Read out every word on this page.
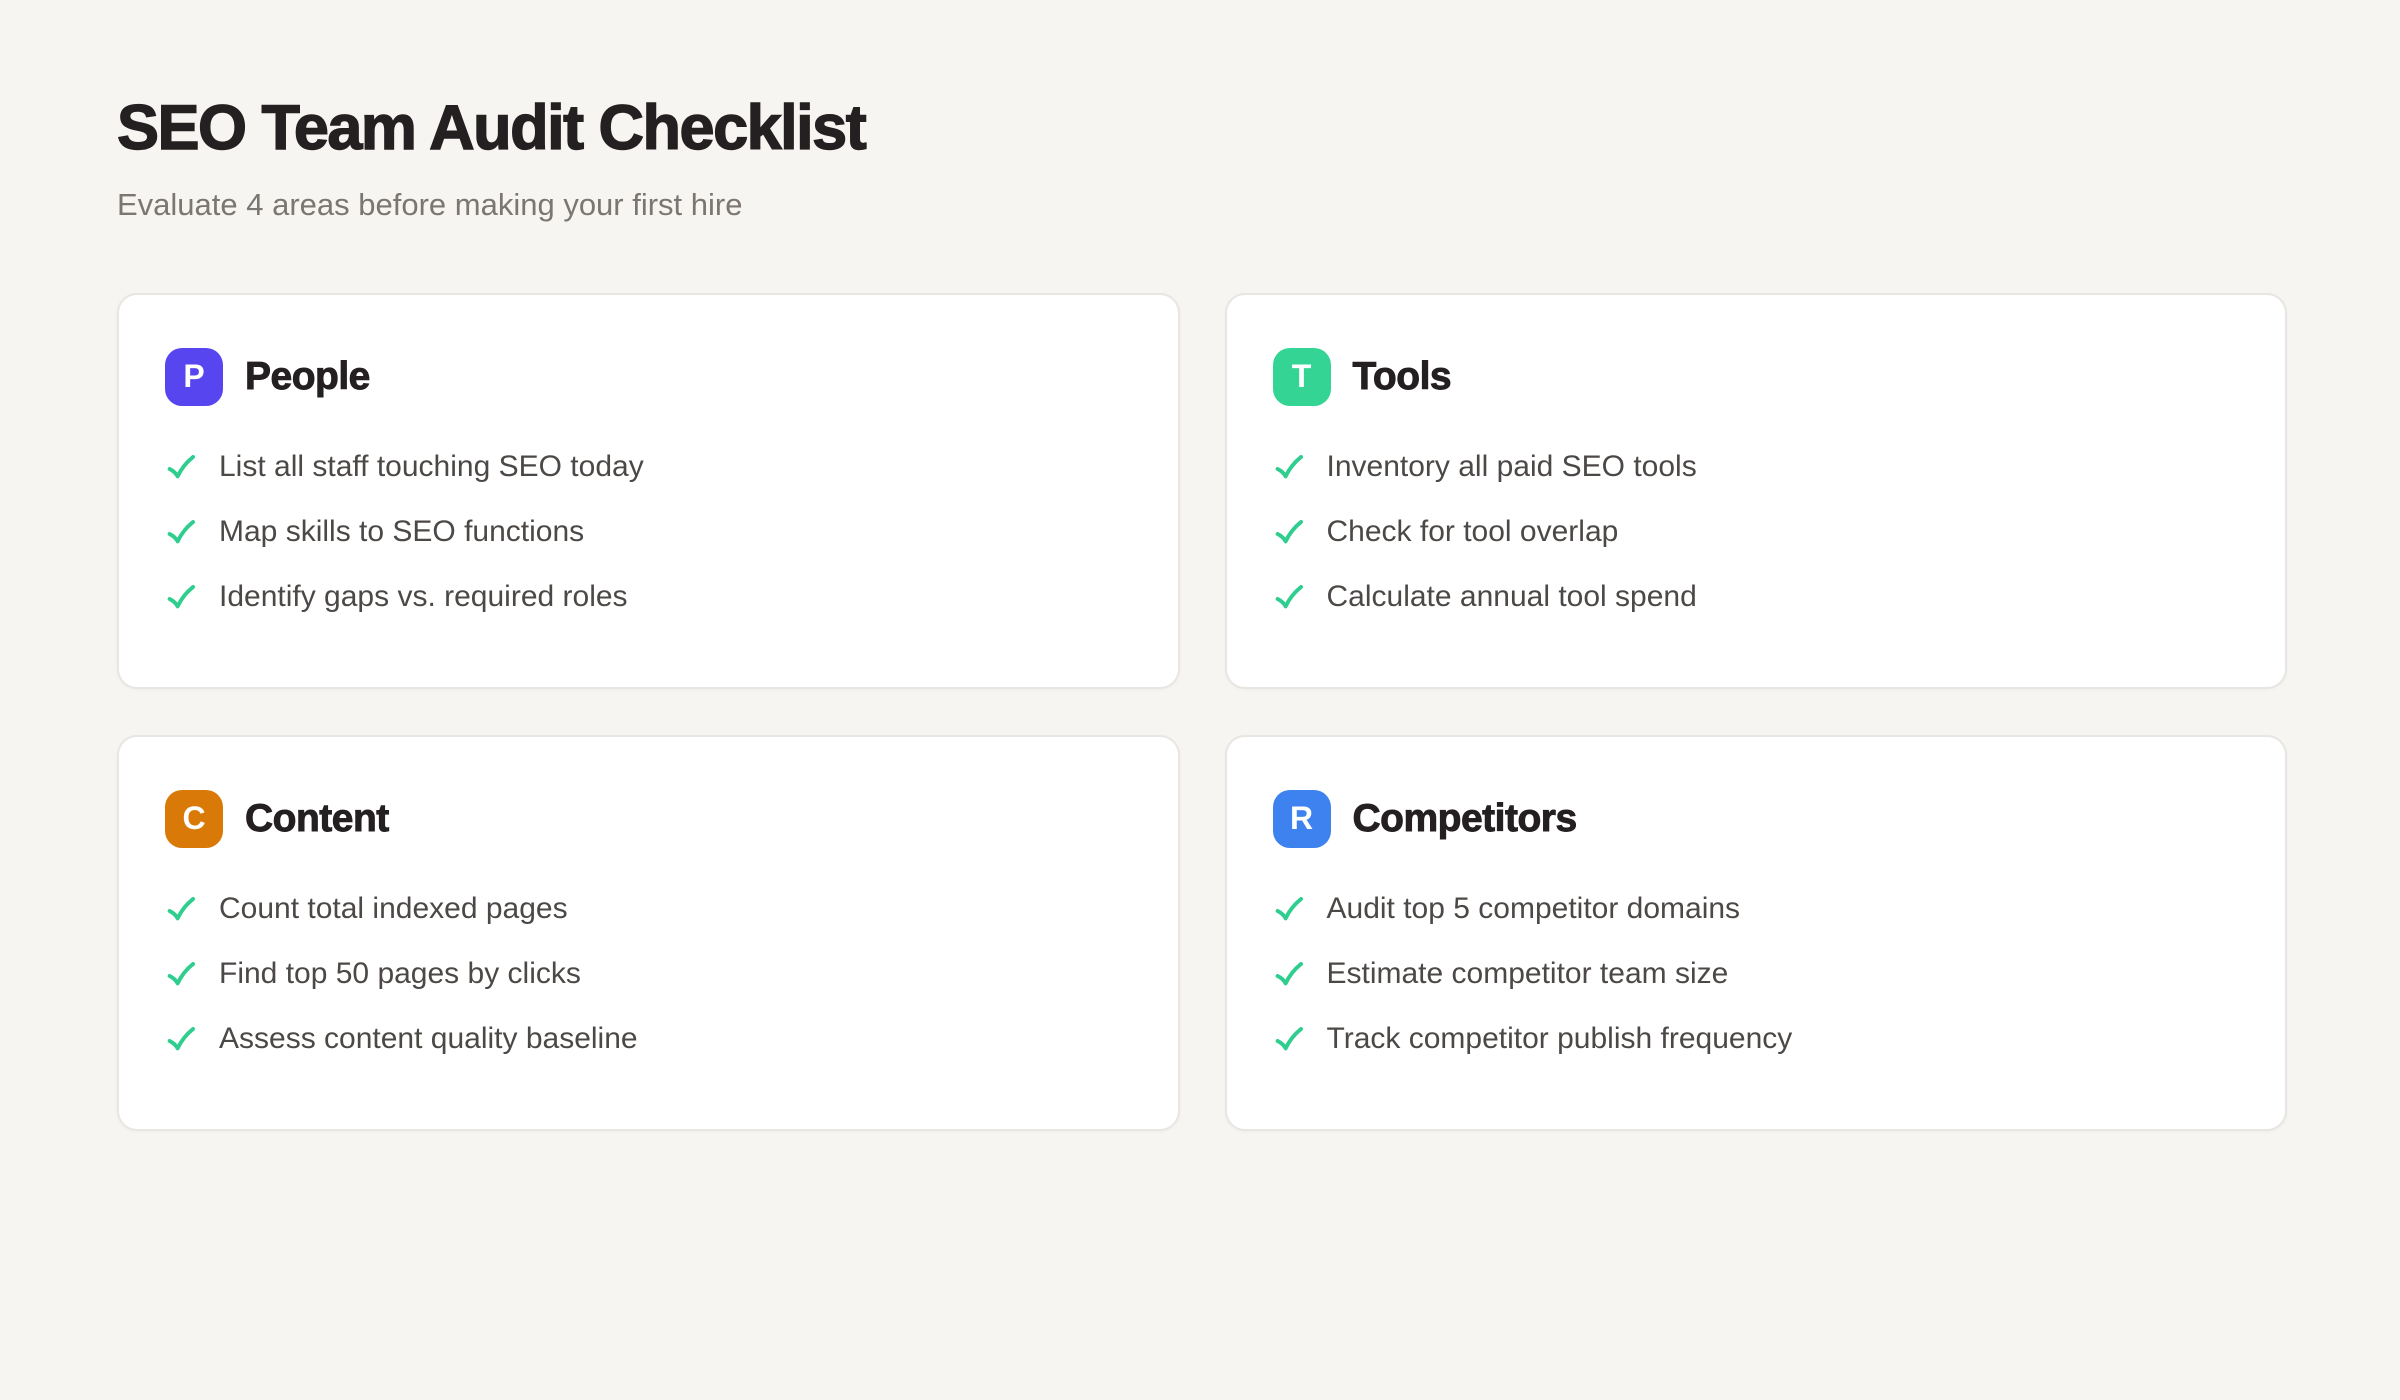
SEO Team Audit Checklist

Evaluate 4 areas before making your first hire

P	People
List all staff touching SEO today
Map skills to SEO functions
Identify gaps vs. required roles
T	Tools
Inventory all paid SEO tools
Check for tool overlap
Calculate annual tool spend
C	Content
Count total indexed pages
Find top 50 pages by clicks
Assess content quality baseline
R	Competitors
Audit top 5 competitor domains
Estimate competitor team size
Track competitor publish frequency
